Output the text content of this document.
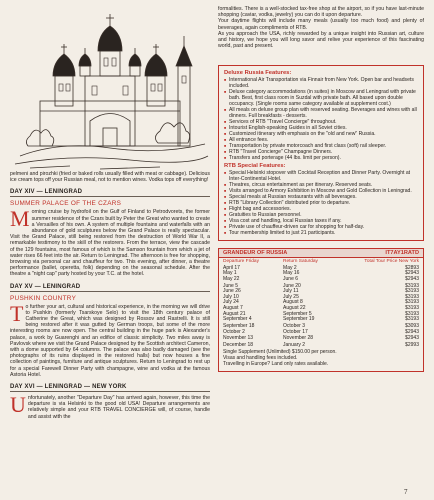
pelmeni and pirozhki (fried or baked rolls usually filled with meat or cabbage). Delicious ice cream tops off your Russian meal, not to mention wines. Vodka tops off everything!

DAY XIV — LENINGRAD
SUMMER PALACE OF THE CZARS

Morning cruise by hydrofoil on the Gulf of Finland to Petrodvorets, the former summer residence of the Czars built by Peter the Great who wanted to create a Versailles of his own. A system of multiple fountains and waterfalls with an abundance of gold sculptures below the Grand Palace is really spectacular. Visit the Grand Palace, still being restored from the destruction of World War II, a remarkable testimony to the skill of the restorers. From the terrace, view the cascade of the 129 fountains, most famous of which is the Samson fountain from which a jet of water rises 66 feet into the air. Return to Leningrad. The afternoon is free for shopping, browsing via personal car and chauffeur for two. This evening, after dinner, a theatre performance (ballet, operetta, folk) depending on the seasonal schedule. After the theatre a "night cap" party hosted by your T.C. at the hotel.

DAY XV — LENINGRAD
PUSHKIN COUNTRY

To further your art, cultural and historical experience, in the morning we will drive to Pushkin (formerly Tsarskoye Selo) to visit the 18th century palace of Catherine the Great, which was designed by Rossov and Rastrelli. It is still being restored after it was gutted by German troops, but some of the more interesting rooms are now open. The central building in the huge park is Alexander's palace, a work by Guarenghi and an edifice of classic simplicity. Two miles away is Pavlovsk where we visit the Grand Palace designed by the Scottish architect Cameron, with a dome supported by 64 columns. The palace was also badly damaged (see the photographs of its ruins displayed in the restored halls) but now houses a fine collection of paintings, furniture and antique sculptures. Return to Leningrad to rest up for a special Farewell Dinner Party with champagne, wine and vodka at the famous Astoria Hotel.

DAY XVI — LENINGRAD — NEW YORK

Unfortunately, another "Departure Day" has arrived again, however, this time the departure is via Helsinki to the good old USA! Departure arrangements are relatively simple and your RTB TRAVEL CONCIERGE will, of course, handle and assist with the

formalities. There is a well-stocked tax-free shop at the airport, so if you have last-minute shopping (caviar, vodka, jewelry) you can do it upon departure.
Your daytime flights will include many meals (usually too much food) and plenty of beverages, again compliments of RTB.
As you approach the USA, richly rewarded by a unique insight into Russian art, culture and history, we hope you will long savor and relive your experience of this fascinating world, past and present.

Deluxe Russia Features:
■ International Air Transportation via Finnair from New York. Open bar and headsets included.
■ Deluxe category accommodations (in suites) in Moscow and Leningrad with private bath. Best, first class room in Suzdal with private bath. All based upon double occupancy. (Single rooms same category available at supplement cost.)
■ All meals on deluxe group plan with reserved seating. Beverages and wines with all dinners. Full breakfasts - desserts.
■ Services of RTB "Travel Concierge" throughout.
■ Intourist English-speaking Guides in all Soviet cities.
■ Customized itinerary with emphasis on the "old and new" Russia.
■ All entrance fees.
■ Transportation by private motorcoach and first class (soft) rail sleeper.
■ RTB "Travel Concierge" Champagne Dinners.
■ Transfers and porterage (44 lbs. limit per person).
RTB Special Features:
■ Special Helsinki stopover with Cocktail Reception and Dinner Party. Overnight at Inter-Continental Hotel.
■ Theatres, circus entertainment as per itinerary. Reserved seats.
■ Visits arranged to Armory Exhibition in Moscow and Gold Collection in Leningrad.
■ Special meals at Russian restaurants with all beverages.
■ RTB "Library Collection" distributed prior to departure.
■ Flight bag and accessories.
■ Gratuities to Russian personnel.
■ Visa cost and handling, local Russian taxes if any.
■ Private use of chauffeur-driven car for shopping for half-day.
■ Tour membership limited to just 21 participants.
GRANDEUR OF RUSSIA	IT7AY1RATD
Departure Friday	Return Saturday	Total Tour Price New York
April 17	May 2	$2893
May 1	May 16	$2943
May 22	June 6	$2943
June 5	June 20	$3193
June 26	July 11	$3193
July 10	July 25	$3193
July 24	August 8	$3193
August 7	August 22	$3193
August 21	September 5	$3193
September 4	September 19	$3193
September 18	October 3	$3093
October 2	October 17	$2943
November 13	November 28	$2943
December 18	January 2	$2993

Single Supplement (Unlimited) $150.00 per person.

Visas and handling fees included.

Travelling in Europe? Land only rates available.

7
